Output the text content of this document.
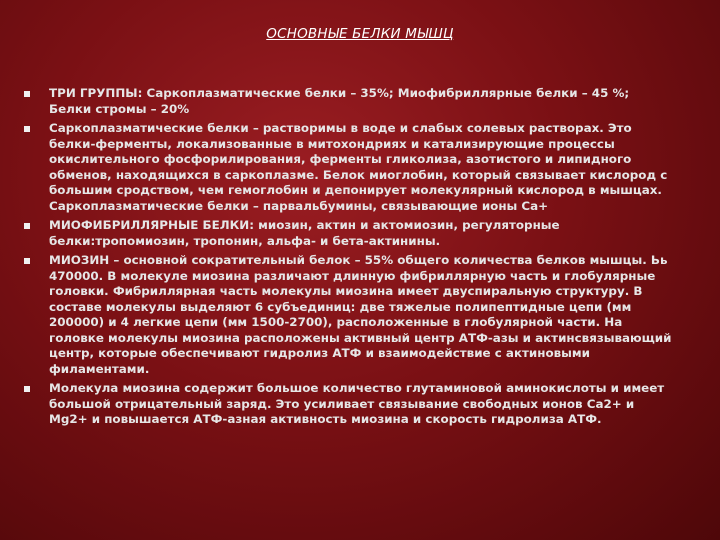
ОСНОВНЫЕ БЕЛКИ МЫШЦ
ТРИ ГРУППЫ: Саркоплазматические белки – 35%; Миофибриллярные белки – 45 %;
Белки стромы – 20%
Саркоплазматические белки – растворимы в воде и слабых солевых растворах. Это
белки-ферменты, локализованные в митохондриях и катализирующие процессы
окислительного фосфорилирования, ферменты гликолиза, азотистого и липидного
обменов, находящихся в саркоплазме. Белок миоглобин, который связывает кислород с
большим сродством, чем гемоглобин и депонирует молекулярный кислород в мышцах.
Саркоплазматические белки – парвальбумины, связывающие ионы Са+
МИОФИБРИЛЛЯРНЫЕ БЕЛКИ: миозин, актин и актомиозин, регуляторные
белки:тропомиозин, тропонин, альфа- и бета-актинины.
МИОЗИН – основной сократительный белок – 55% общего количества белков мышцы. Ьь
470000. В молекуле миозина различают длинную фибриллярную часть и глобулярные
головки. Фибриллярная часть молекулы миозина имеет двуспиральную структуру. В
составе молекулы выделяют 6 субъединиц: две тяжелые полипептидные цепи (мм
200000) и 4 легкие цепи (мм 1500-2700), расположенные в глобулярной части. На
головке молекулы миозина расположены активный центр АТФ-азы и актинсвязывающий
центр, которые обеспечивают гидролиз АТФ и взаимодействие с актиновыми
филаментами.
Молекула миозина содержит большое количество глутаминовой аминокислоты и имеет
большой отрицательный заряд. Это усиливает связывание свободных ионов Са2+ и
Mg2+ и повышается АТФ-азная активность миозина и скорость гидролиза АТФ.
